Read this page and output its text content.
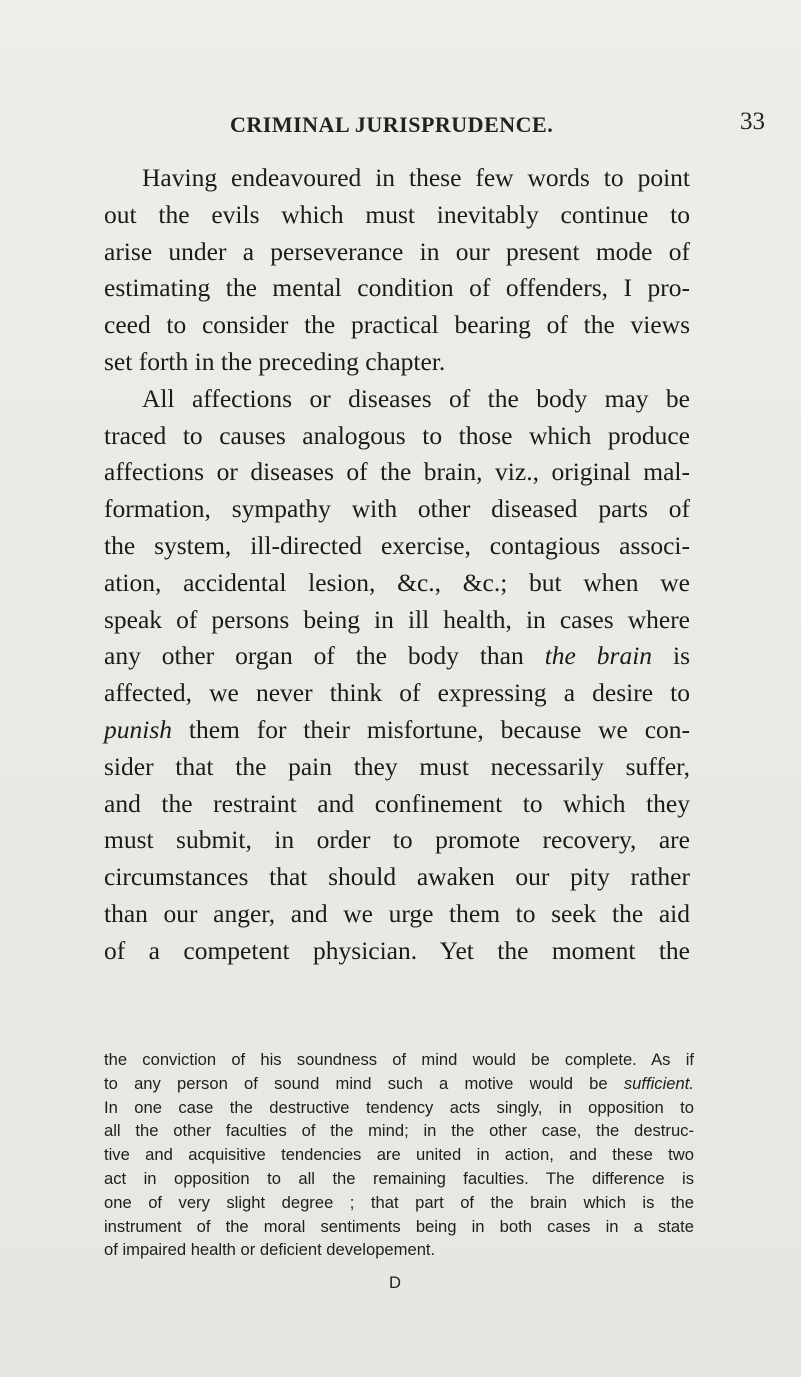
CRIMINAL JURISPRUDENCE.	33
Having endeavoured in these few words to point
out the evils which must inevitably continue to
arise under a perseverance in our present mode of
estimating the mental condition of offenders, I pro-
ceed to consider the practical bearing of the views
set forth in the preceding chapter.
All affections or diseases of the body may be
traced to causes analogous to those which produce
affections or diseases of the brain, viz., original mal-
formation, sympathy with other diseased parts of
the system, ill-directed exercise, contagious associ-
ation, accidental lesion, &c., &c.; but when we
speak of persons being in ill health, in cases where
any other organ of the body than the brain is
affected, we never think of expressing a desire to
punish them for their misfortune, because we con-
sider that the pain they must necessarily suffer,
and the restraint and confinement to which they
must submit, in order to promote recovery, are
circumstances that should awaken our pity rather
than our anger, and we urge them to seek the aid
of a competent physician. Yet the moment the
the conviction of his soundness of mind would be complete. As if
to any person of sound mind such a motive would be sufficient.
In one case the destructive tendency acts singly, in opposition to
all the other faculties of the mind; in the other case, the destruc-
tive and acquisitive tendencies are united in action, and these two
act in opposition to all the remaining faculties. The difference is
one of very slight degree ; that part of the brain which is the
instrument of the moral sentiments being in both cases in a state
of impaired health or deficient developement.
D
